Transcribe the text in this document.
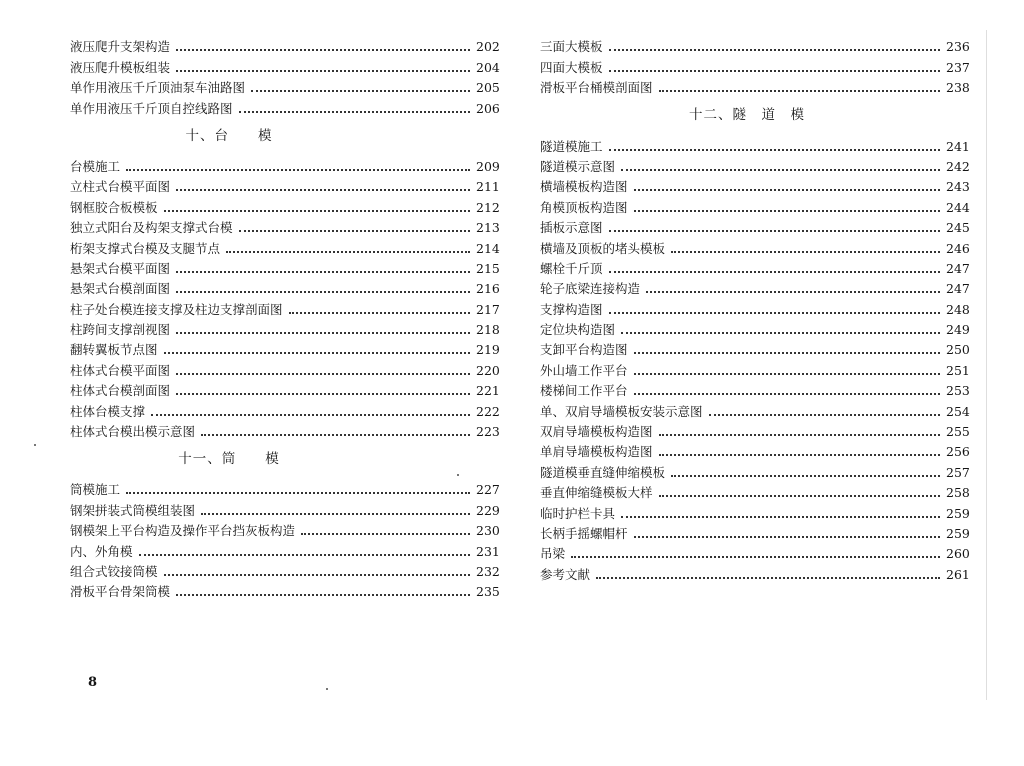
液压爬升支架构造	202
液压爬升模板组装	204
单作用液压千斤顶油泵车油路图	205
单作用液压千斤顶自控线路图	206
十、台　　模
台模施工	209
立柱式台模平面图	211
钢框胶合板模板	212
独立式阳台及构架支撑式台模	213
桁架支撑式台模及支腿节点	214
悬架式台模平面图	215
悬架式台模剖面图	216
柱子处台模连接支撑及柱边支撑剖面图	217
柱跨间支撑剖视图	218
翻转翼板节点图	219
柱体式台模平面图	220
柱体式台模剖面图	221
柱体台模支撑	222
柱体式台模出模示意图	223
十一、筒　　模
筒模施工	227
钢架拼装式筒模组装图	229
钢模架上平台构造及操作平台挡灰板构造	230
内、外角模	231
组合式铰接筒模	232
滑板平台骨架筒模	235
三面大模板	236
四面大模板	237
滑板平台桶模剖面图	238
十二、隧　道　模
隧道模施工	241
隧道模示意图	242
横墙模板构造图	243
角模顶板构造图	244
插板示意图	245
横墙及顶板的堵头模板	246
螺栓千斤顶	247
轮子底梁连接构造	247
支撑构造图	248
定位块构造图	249
支卸平台构造图	250
外山墙工作平台	251
楼梯间工作平台	253
单、双肩导墙模板安装示意图	254
双肩导墙模板构造图	255
单肩导墙模板构造图	256
隧道模垂直缝伸缩模板	257
垂直伸缩缝模板大样	258
临时护栏卡具	259
长柄手摇螺帽杆	259
吊梁	260
参考文献	261
8
